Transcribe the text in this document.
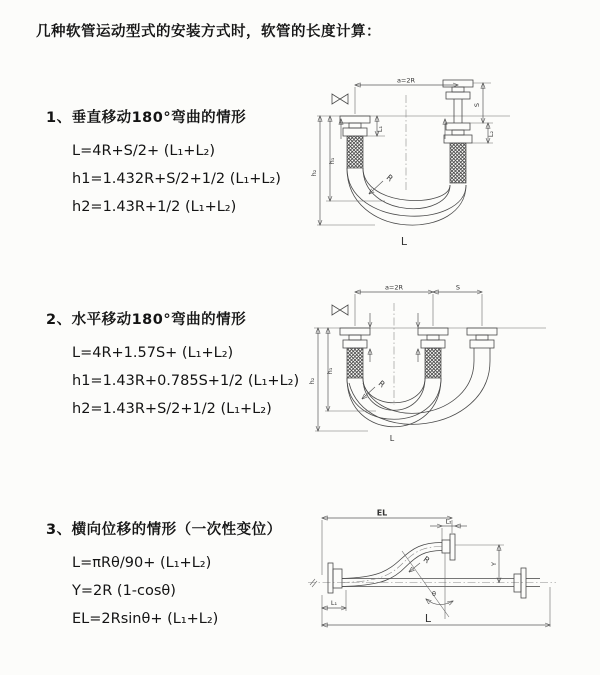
几种软管运动型式的安装方式时，软管的长度计算：
1、垂直移动180°弯曲的情形
L=4R+S/2+ (L₁+L₂)
h1=1.432R+S/2+1/2 (L₁+L₂)
h2=1.43R+1/2 (L₁+L₂)
a=2R
L₁
S
L₂
h₁
h₂	R
L
2、水平移动180°弯曲的情形
L=4R+1.57S+ (L₁+L₂)
h1=1.43R+0.785S+1/2 (L₁+L₂)
h2=1.43R+S/2+1/2 (L₁+L₂)
a=2R	S
h₁
h₂	R
L
3、横向位移的情形（一次性变位）
L=πRθ/90+ (L₁+L₂)
Y=2R (1-cosθ)
EL=2Rsinθ+ (L₁+L₂)
EL
L₂
Y
R
θ
L₁
L
